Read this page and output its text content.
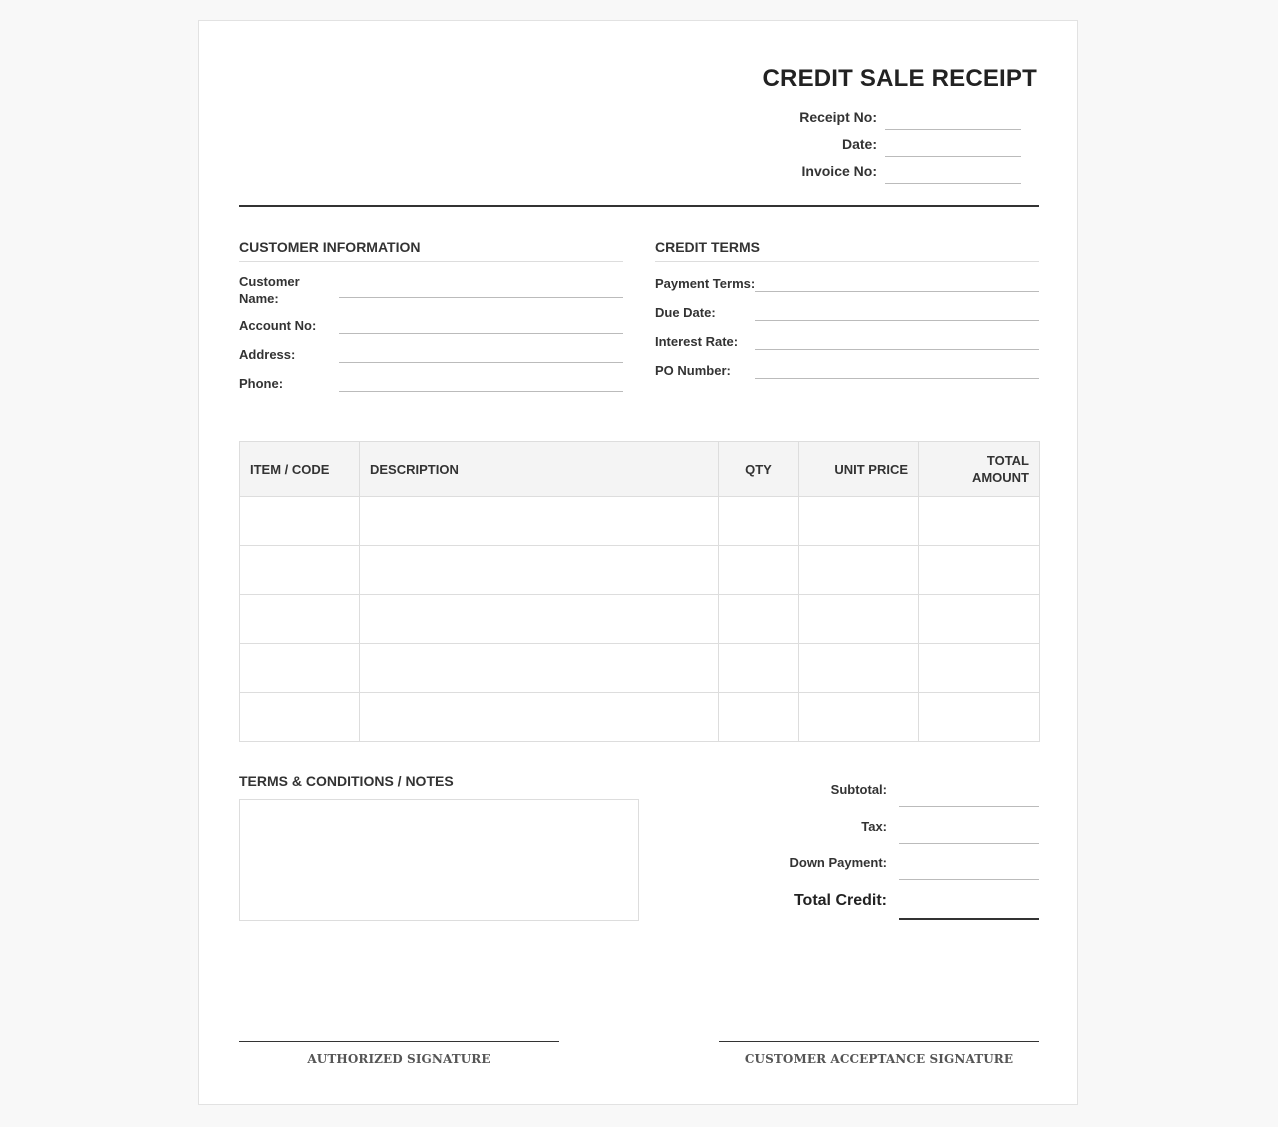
CREDIT SALE RECEIPT
Receipt No:
Date:
Invoice No:
CUSTOMER INFORMATION
Customer Name:
Account No:
Address:
Phone:
CREDIT TERMS
Payment Terms:
Due Date:
Interest Rate:
PO Number:
ITEM / CODE	DESCRIPTION	QTY	UNIT PRICE	TOTAL AMOUNT

TERMS & CONDITIONS / NOTES
Subtotal:
Tax:
Down Payment:
Total Credit:
AUTHORIZED SIGNATURE	CUSTOMER ACCEPTANCE SIGNATURE
